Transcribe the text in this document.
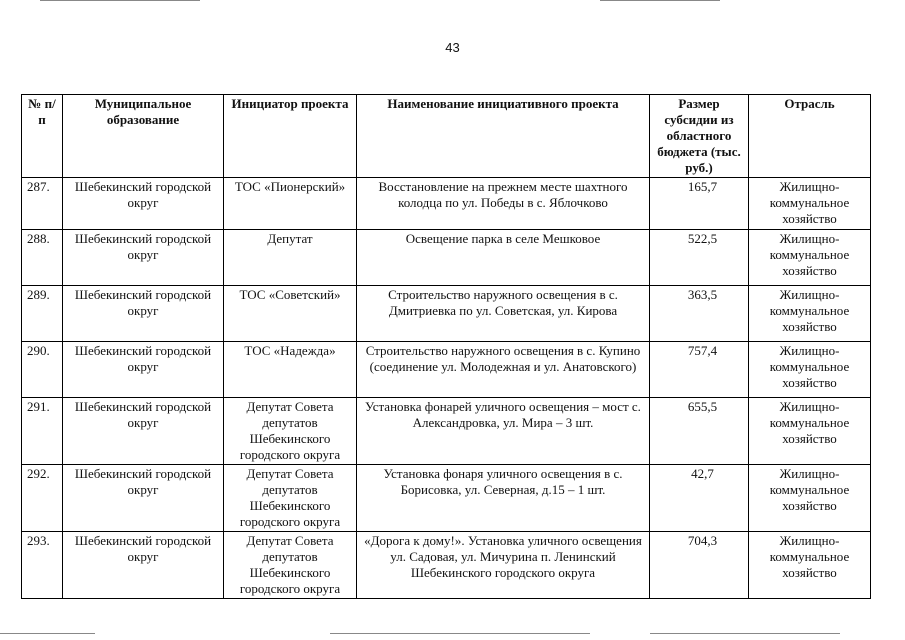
43
№ п/п	Муниципальное образование	Инициатор проекта	Наименование инициативного проекта	Размер субсидии из областного бюджета (тыс. руб.)	Отрасль
287.	Шебекинский городской округ	ТОС «Пионерский»	Восстановление на прежнем месте шахтного колодца по ул. Победы в с. Яблочково	165,7	Жилищно-коммунальное хозяйство
288.	Шебекинский городской округ	Депутат	Освещение парка в селе Мешковое	522,5	Жилищно-коммунальное хозяйство
289.	Шебекинский городской округ	ТОС «Советский»	Строительство наружного освещения в с. Дмитриевка по ул. Советская, ул. Кирова	363,5	Жилищно-коммунальное хозяйство
290.	Шебекинский городской округ	ТОС «Надежда»	Строительство наружного освещения в с. Купино (соединение ул. Молодежная и ул. Анатовского)	757,4	Жилищно-коммунальное хозяйство
291.	Шебекинский городской округ	Депутат Совета депутатов Шебекинского городского округа	Установка фонарей уличного освещения – мост с. Александровка, ул. Мира – 3 шт.	655,5	Жилищно-коммунальное хозяйство
292.	Шебекинский городской округ	Депутат Совета депутатов Шебекинского городского округа	Установка фонаря уличного освещения в с. Борисовка, ул. Северная, д.15 – 1 шт.	42,7	Жилищно-коммунальное хозяйство
293.	Шебекинский городской округ	Депутат Совета депутатов Шебекинского городского округа	«Дорога к дому!». Установка уличного освещения ул. Садовая, ул. Мичурина п. Ленинский Шебекинского городского округа	704,3	Жилищно-коммунальное хозяйство
